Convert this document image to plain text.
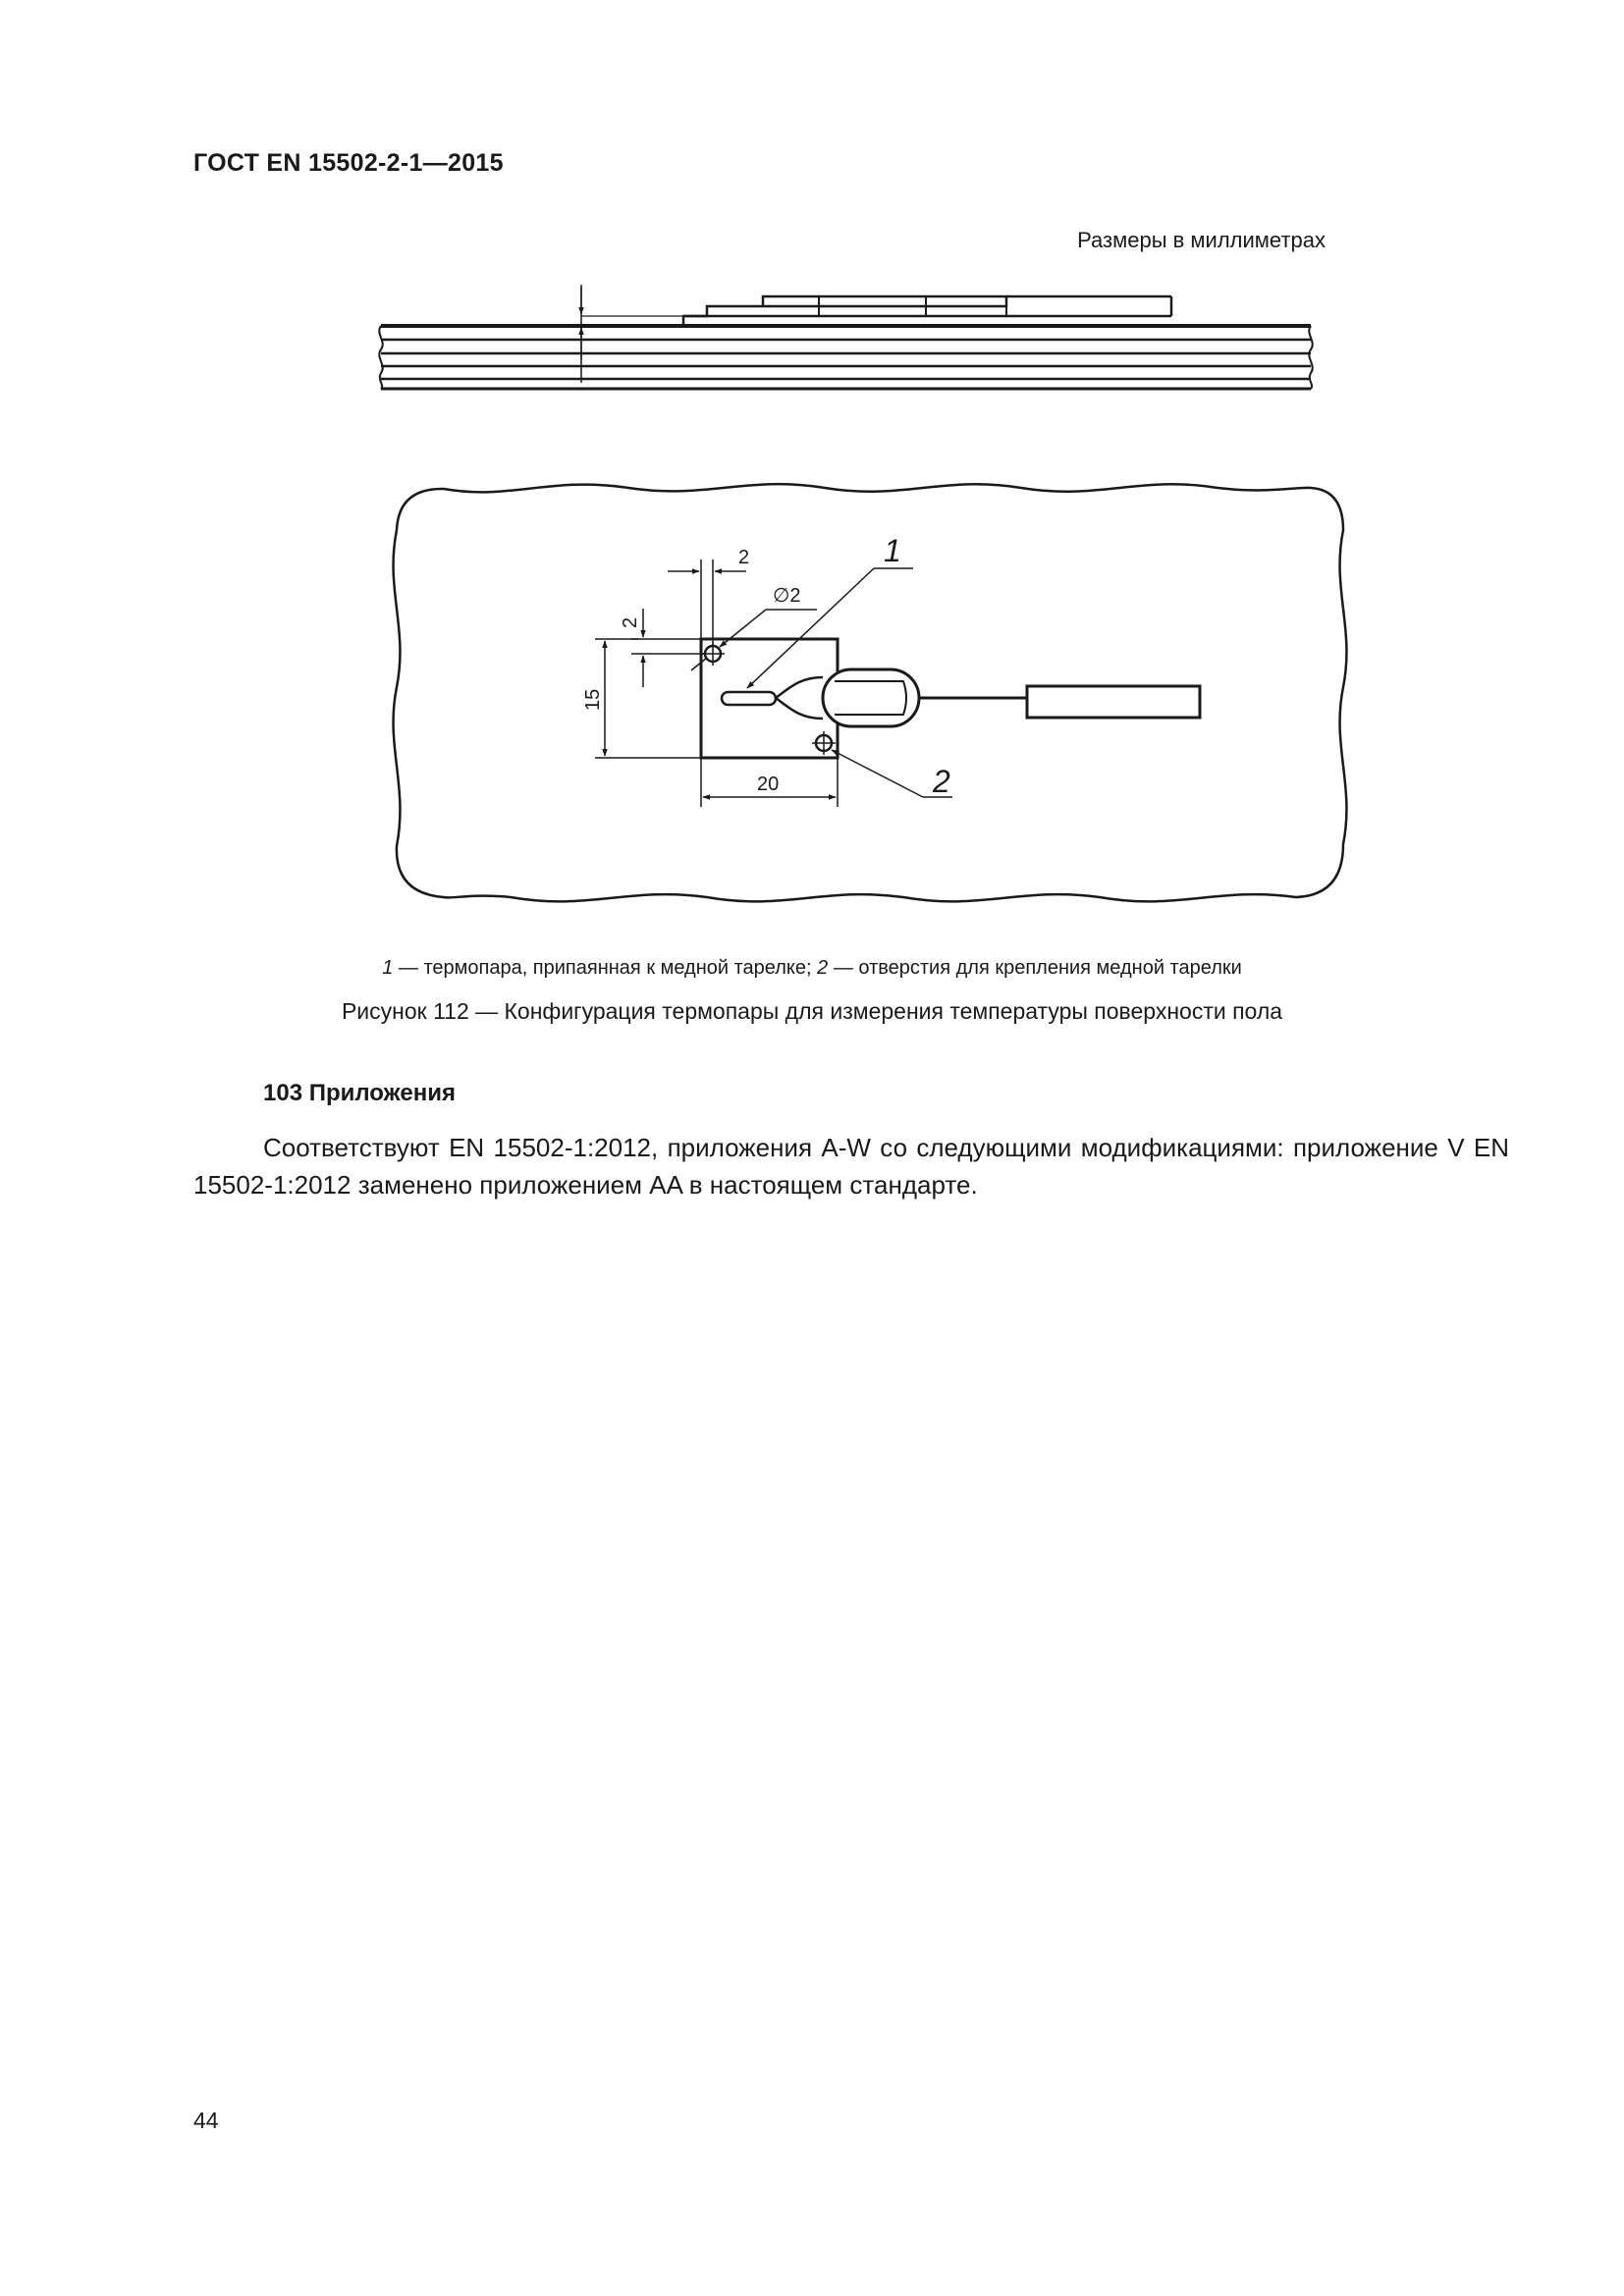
ГОСТ EN 15502-2-1—2015
Размеры в миллиметрах
2
∅2
2
15
20
1
2
1 — термопара, припаянная к медной тарелке; 2 — отверстия для крепления медной тарелки
Рисунок 112 — Конфигурация термопары для измерения температуры поверхности пола
103 Приложения
Соответствуют EN 15502-1:2012, приложения A-W со следующими модификациями: приложение V EN 15502-1:2012 заменено приложением AA в настоящем стандарте.
44
